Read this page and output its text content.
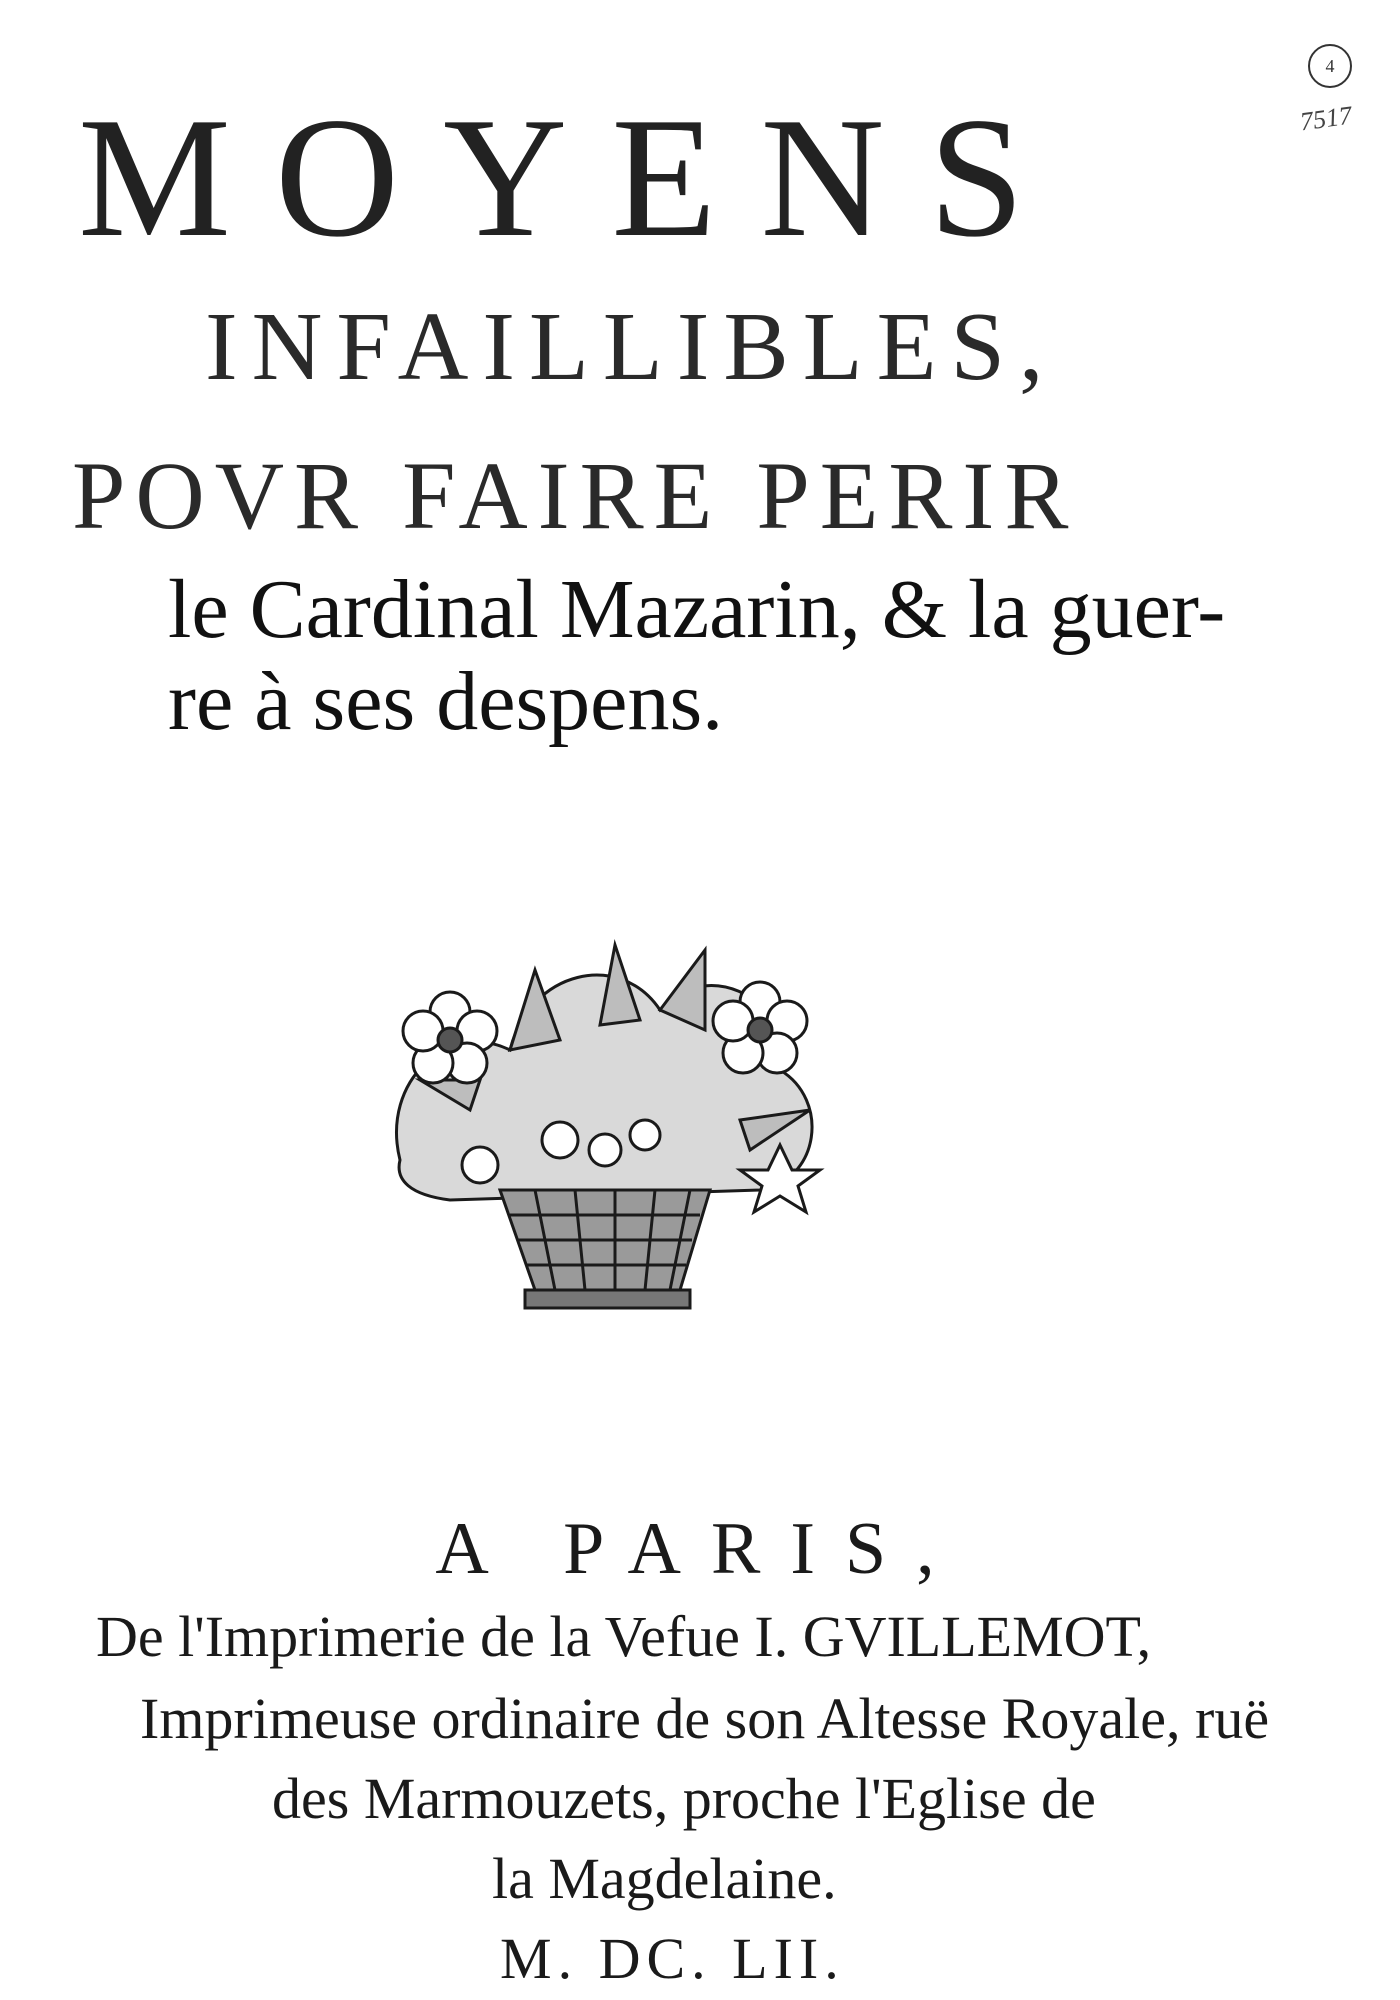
4
7517
MOYENS
INFAILLIBLES,
POVR FAIRE PERIR
le Cardinal Mazarin, & la guer-
re à ses despens.
A PARIS,
De l'Imprimerie de la Vefue I. GVILLEMOT,
Imprimeuse ordinaire de son Altesse Royale, ruë
des Marmouzets, proche l'Eglise de
la Magdelaine.
M. DC. LII.
